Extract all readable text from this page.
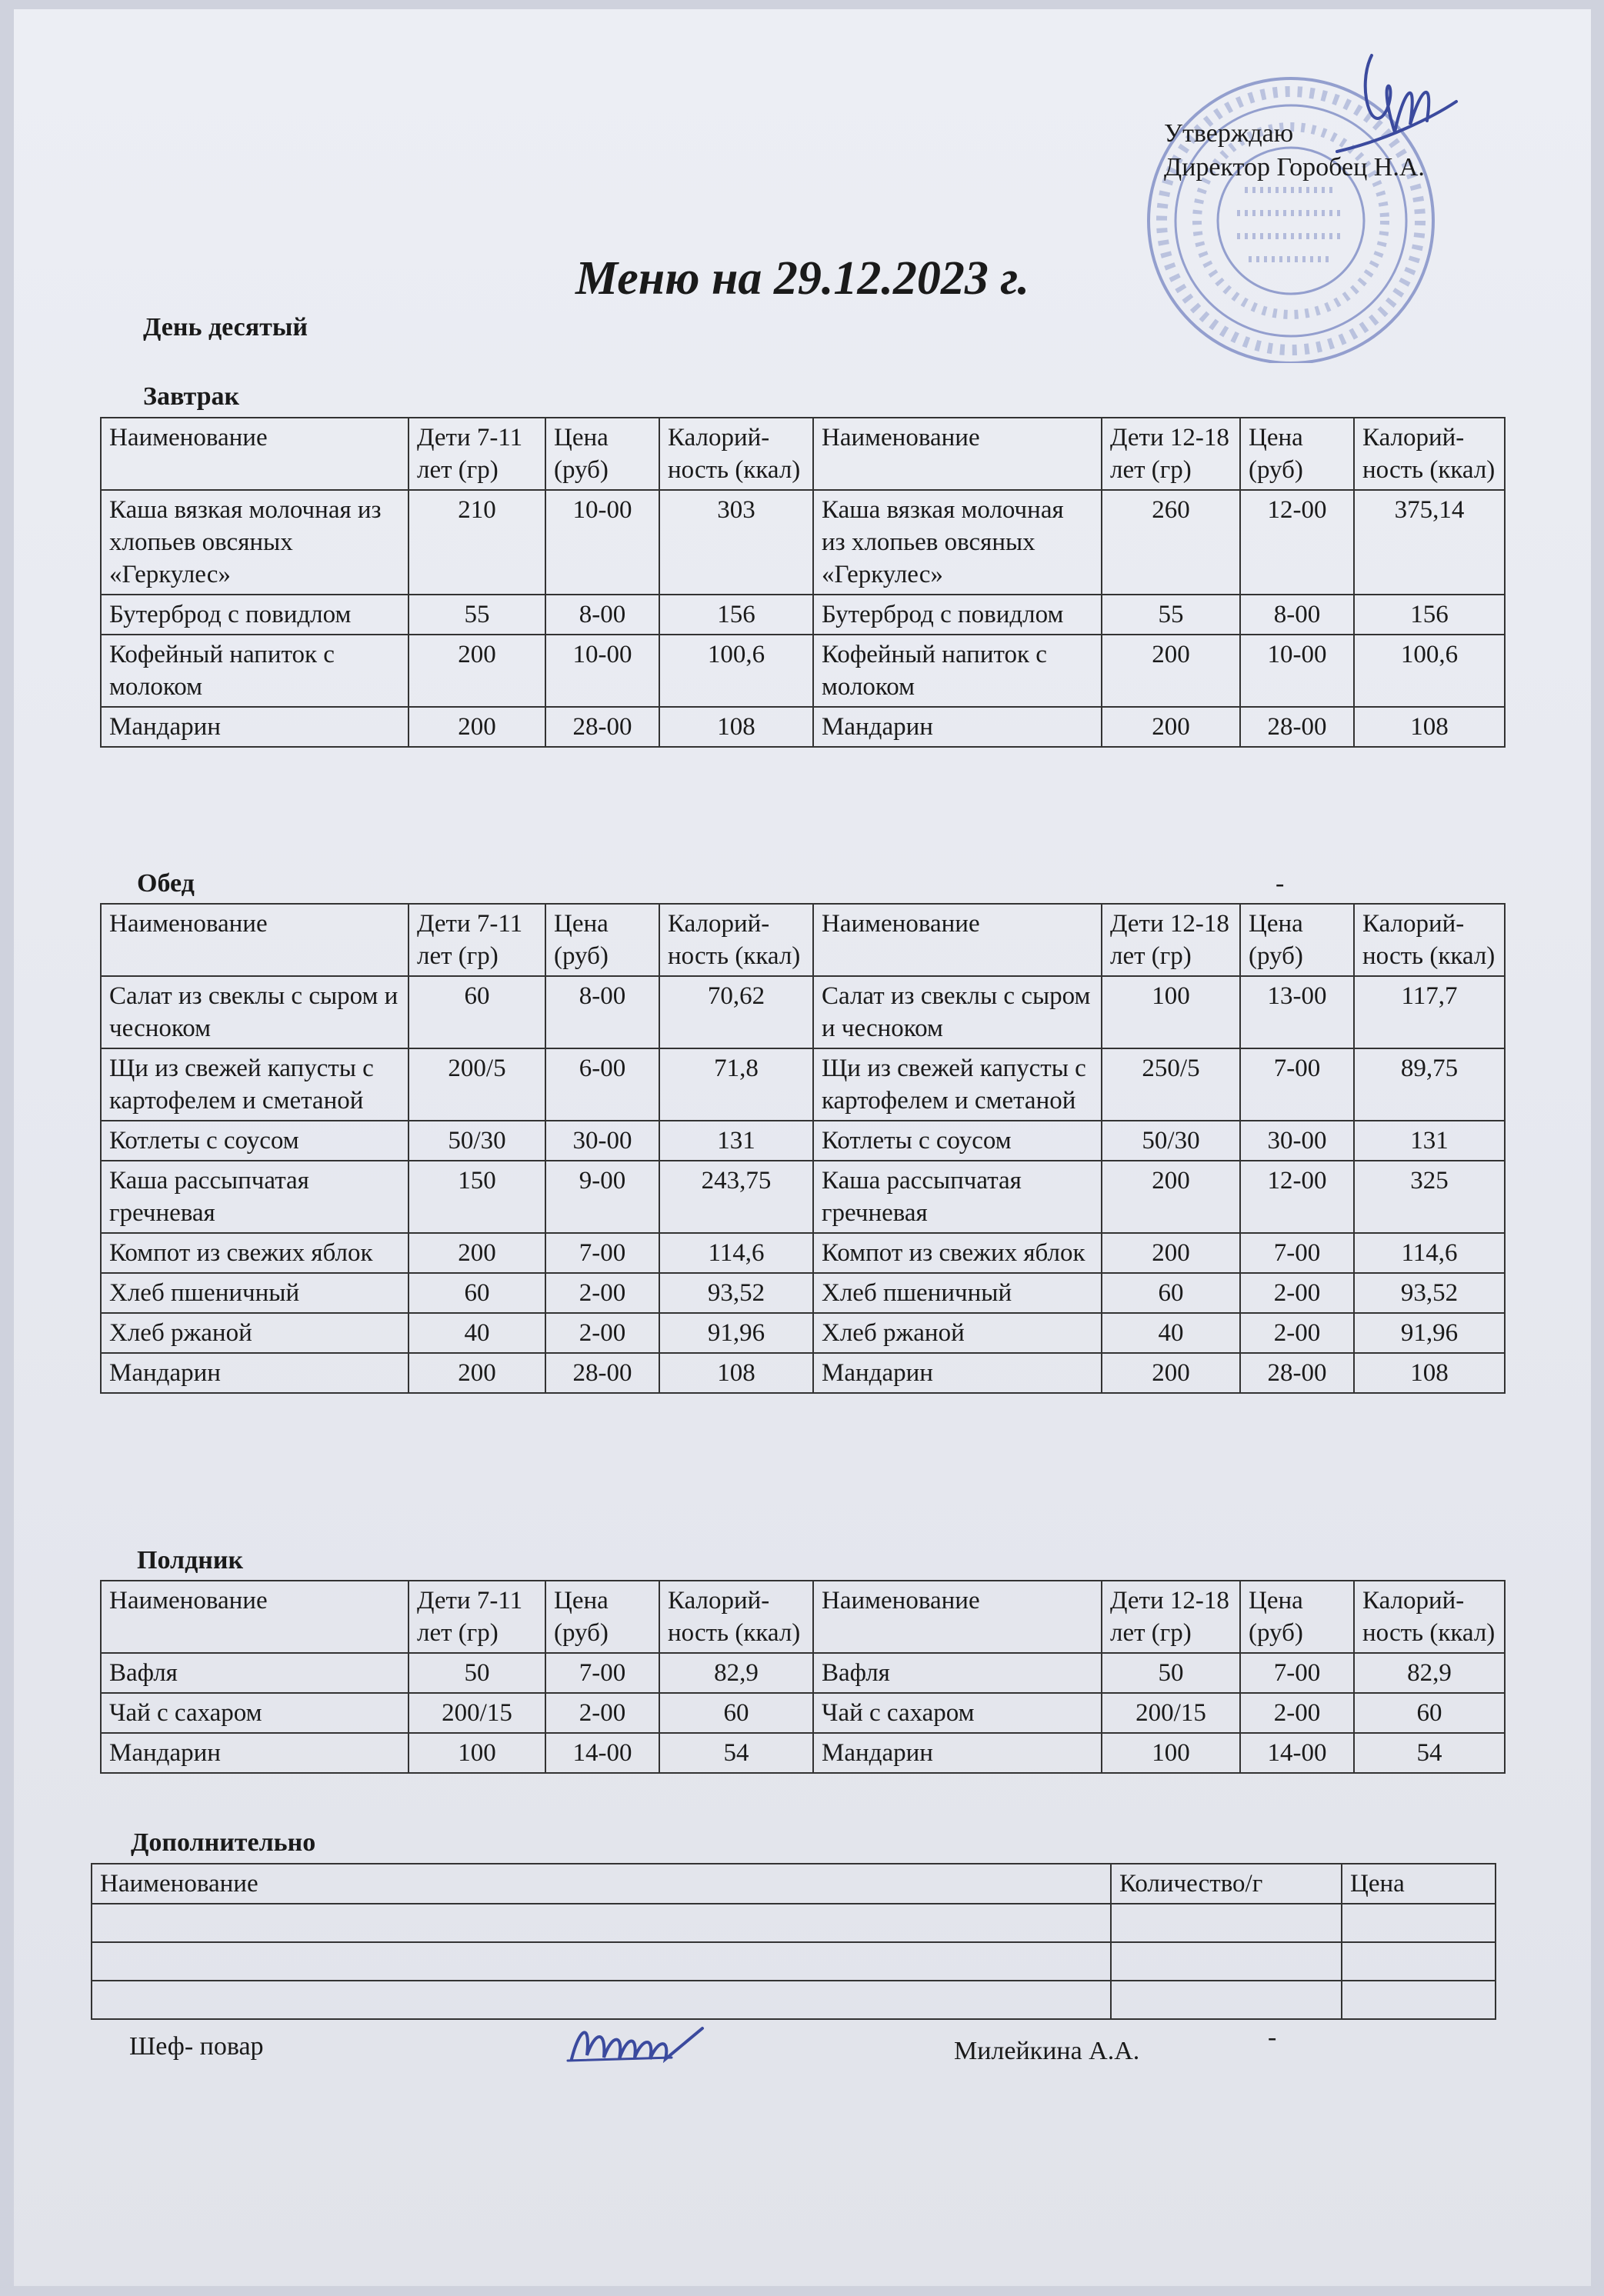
Утверждаю
Директор Горобец Н.А.
Меню на 29.12.2023 г.
День десятый
Завтрак
Наименование	Дети 7-11 лет (гр)	Цена (руб)	Калорий-ность (ккал)	Наименование	Дети 12-18 лет (гр)	Цена (руб)	Калорий-ность (ккал)
Каша вязкая молочная из хлопьев овсяных «Геркулес»	210	10-00	303	Каша вязкая молочная из хлопьев овсяных «Геркулес»	260	12-00	375,14
Бутерброд с повидлом	55	8-00	156	Бутерброд с повидлом	55	8-00	156
Кофейный напиток с молоком	200	10-00	100,6	Кофейный напиток с молоком	200	10-00	100,6
Мандарин	200	28-00	108	Мандарин	200	28-00	108
Обед	-
Наименование	Дети 7-11 лет (гр)	Цена (руб)	Калорий-ность (ккал)	Наименование	Дети 12-18 лет (гр)	Цена (руб)	Калорий-ность (ккал)
Салат из свеклы с сыром и чесноком	60	8-00	70,62	Салат из свеклы с сыром и чесноком	100	13-00	117,7
Щи из свежей капусты с картофелем и сметаной	200/5	6-00	71,8	Щи из свежей капусты с картофелем и сметаной	250/5	7-00	89,75
Котлеты с соусом	50/30	30-00	131	Котлеты с соусом	50/30	30-00	131
Каша рассыпчатая гречневая	150	9-00	243,75	Каша рассыпчатая гречневая	200	12-00	325
Компот из свежих яблок	200	7-00	114,6	Компот из свежих яблок	200	7-00	114,6
Хлеб пшеничный	60	2-00	93,52	Хлеб пшеничный	60	2-00	93,52
Хлеб ржаной	40	2-00	91,96	Хлеб ржаной	40	2-00	91,96
Мандарин	200	28-00	108	Мандарин	200	28-00	108
Полдник
Наименование	Дети 7-11 лет (гр)	Цена (руб)	Калорий-ность (ккал)	Наименование	Дети 12-18 лет (гр)	Цена (руб)	Калорий-ность (ккал)
Вафля	50	7-00	82,9	Вафля	50	7-00	82,9
Чай с сахаром	200/15	2-00	60	Чай с сахаром	200/15	2-00	60
Мандарин	100	14-00	54	Мандарин	100	14-00	54
Дополнительно
Наименование	Количество/г	Цена

Шеф- повар	Милейкина А.А.	-
